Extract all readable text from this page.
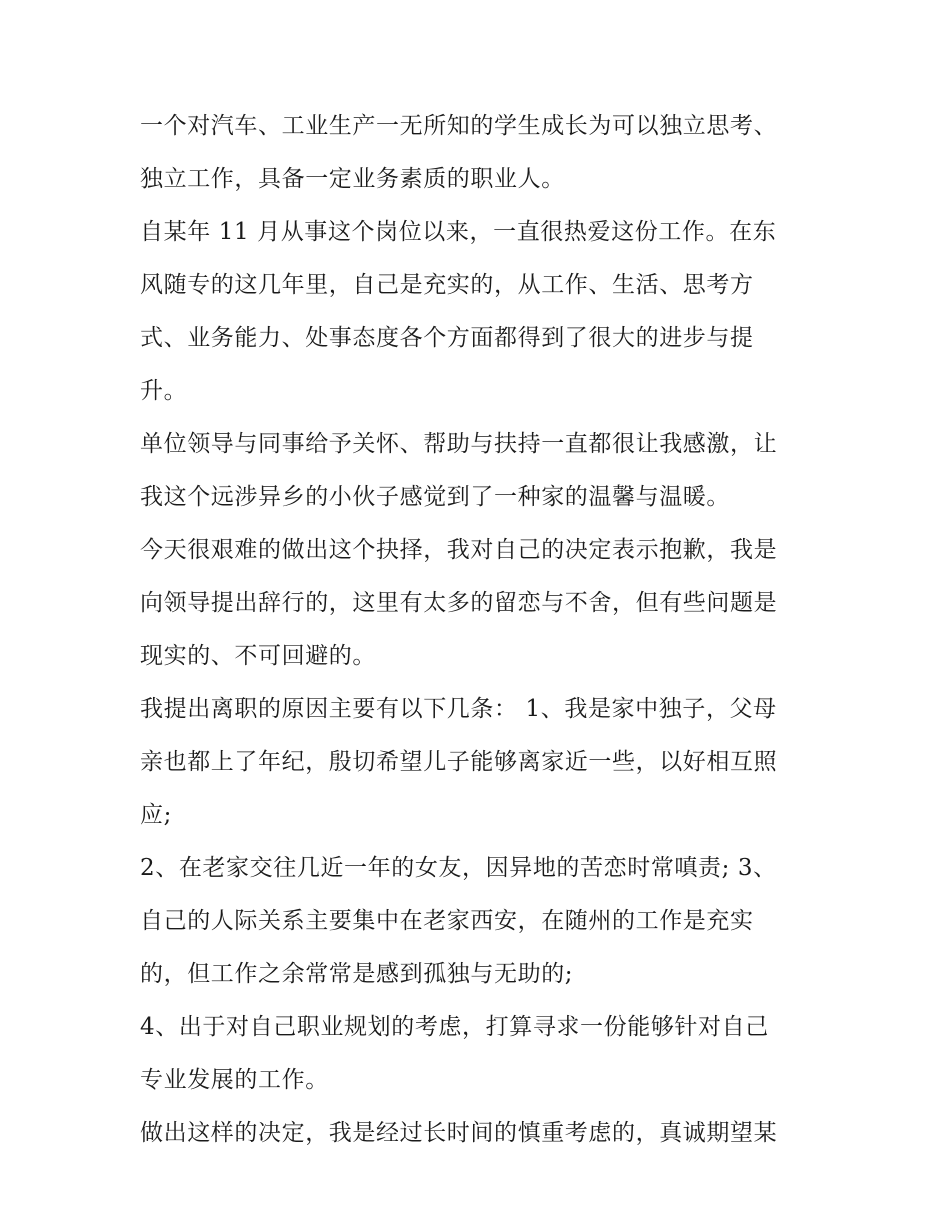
一个对汽车、工业生产一无所知的学生成长为可以独立思考、
独立工作，具备一定业务素质的职业人。
自某年 11 月从事这个岗位以来，一直很热爱这份工作。在东
风随专的这几年里，自己是充实的，从工作、生活、思考方
式、业务能力、处事态度各个方面都得到了很大的进步与提
升。
单位领导与同事给予关怀、帮助与扶持一直都很让我感激，让
我这个远涉异乡的小伙子感觉到了一种家的温馨与温暖。
今天很艰难的做出这个抉择，我对自己的决定表示抱歉，我是
向领导提出辞行的，这里有太多的留恋与不舍，但有些问题是
现实的、不可回避的。
我提出离职的原因主要有以下几条： 1、我是家中独子，父母
亲也都上了年纪，殷切希望儿子能够离家近一些，以好相互照
应;
2、在老家交往几近一年的女友，因异地的苦恋时常嗔责; 3、
自己的人际关系主要集中在老家西安，在随州的工作是充实
的，但工作之余常常是感到孤独与无助的;
4、出于对自己职业规划的考虑，打算寻求一份能够针对自己
专业发展的工作。
做出这样的决定，我是经过长时间的慎重考虑的，真诚期望某
